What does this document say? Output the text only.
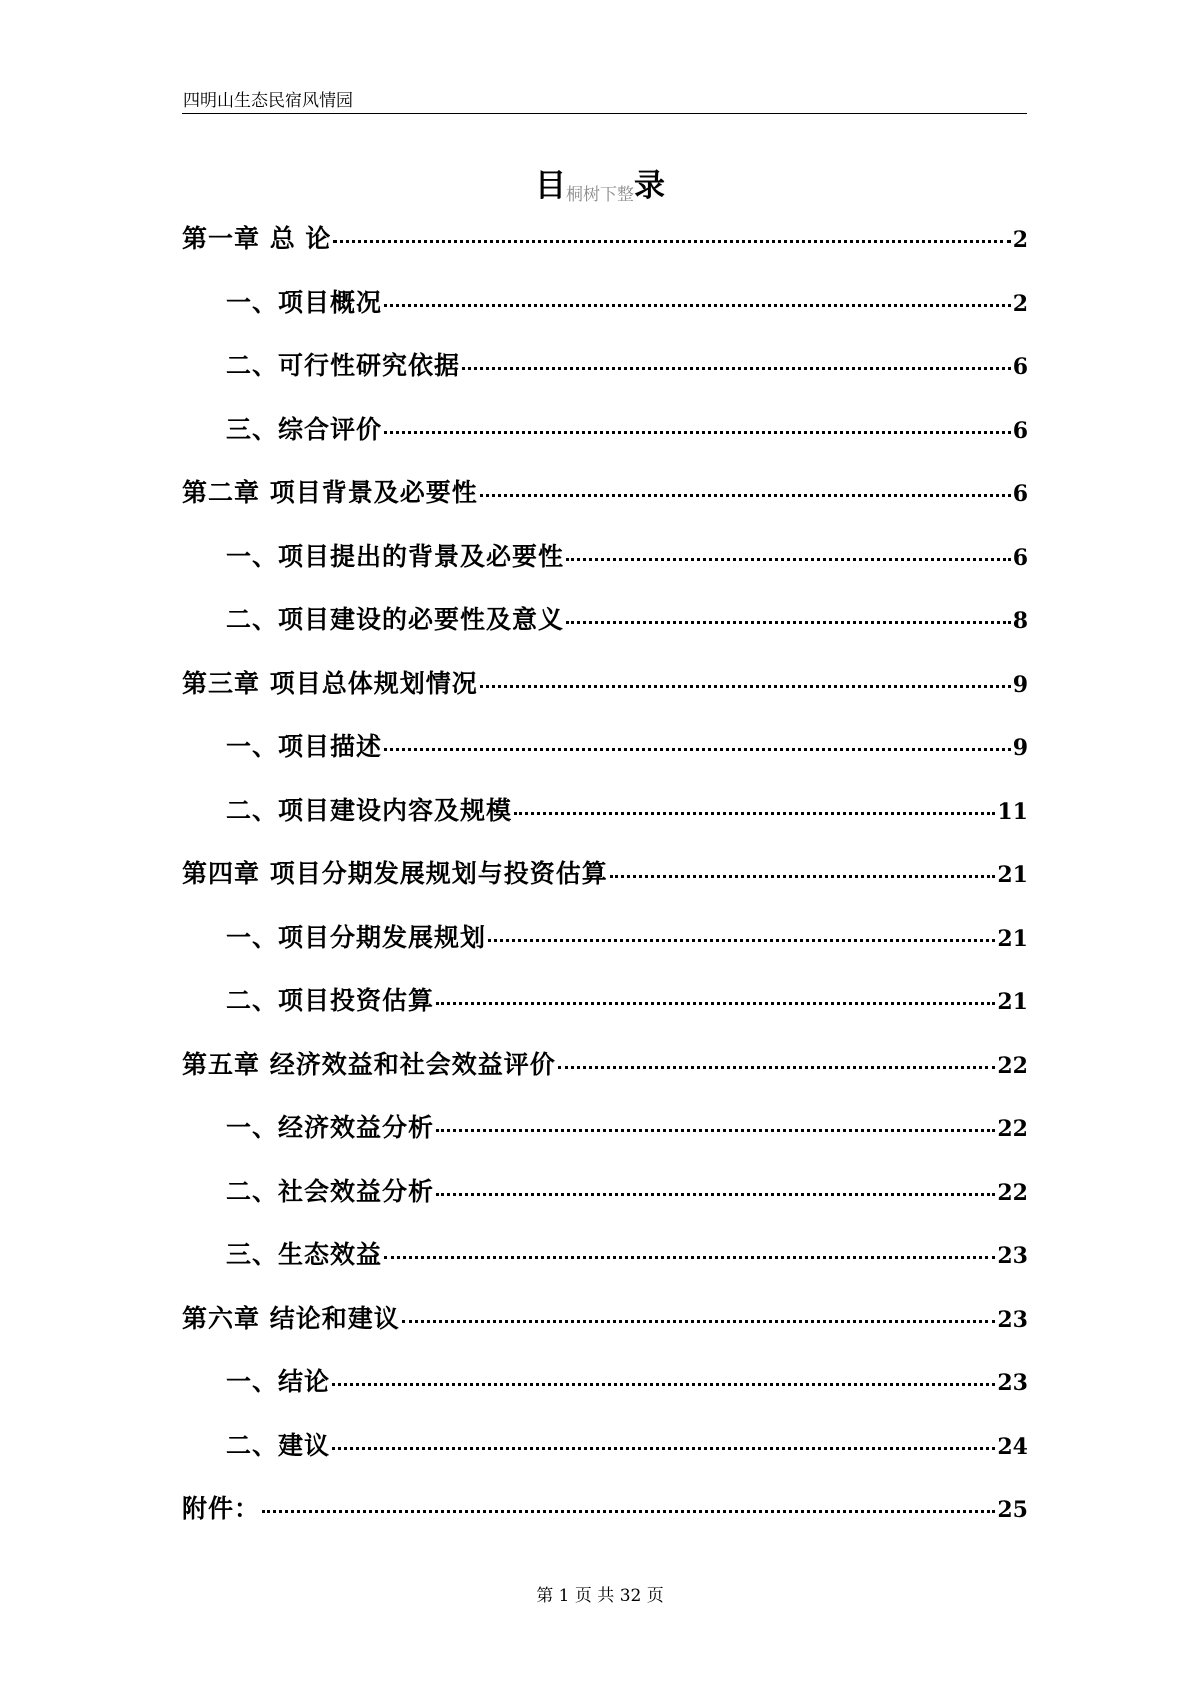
四明山生态民宿风情园
目桐树下整录
第一章 总 论	2
一、项目概况	2
二、可行性研究依据	6
三、综合评价	6
第二章 项目背景及必要性	6
一、项目提出的背景及必要性	6
二、项目建设的必要性及意义	8
第三章 项目总体规划情况	9
一、项目描述	9
二、项目建设内容及规模	11
第四章 项目分期发展规划与投资估算	21
一、项目分期发展规划	21
二、项目投资估算	21
第五章 经济效益和社会效益评价	22
一、经济效益分析	22
二、社会效益分析	22
三、生态效益	23
第六章 结论和建议	23
一、结论	23
二、建议	24
附件：	25
第 1 页 共 32 页
